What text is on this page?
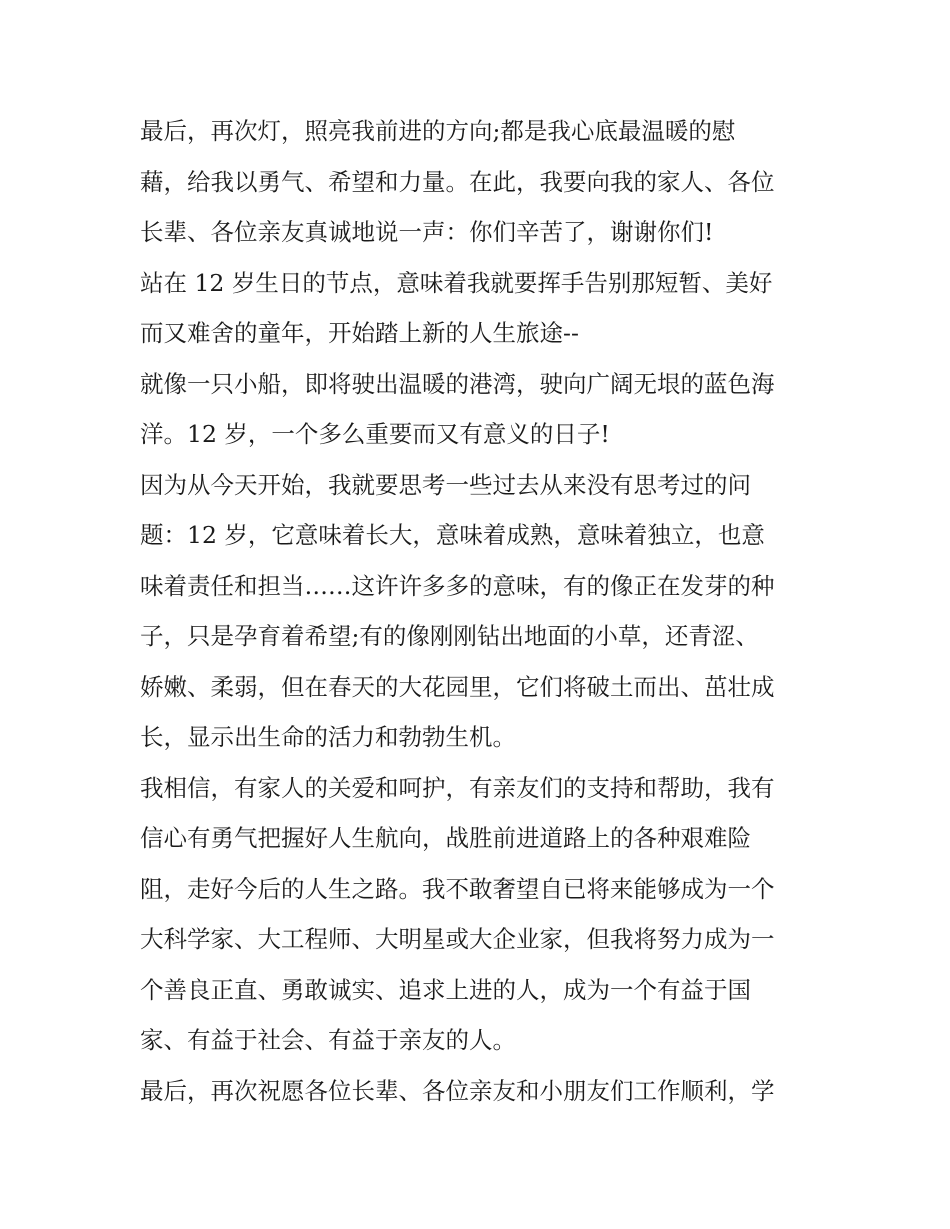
最后，再次灯，照亮我前进的方向;都是我心底最温暖的慰
藉，给我以勇气、希望和力量。在此，我要向我的家人、各位
长辈、各位亲友真诚地说一声：你们辛苦了，谢谢你们!
站在 12 岁生日的节点，意味着我就要挥手告别那短暂、美好
而又难舍的童年，开始踏上新的人生旅途--
就像一只小船，即将驶出温暖的港湾，驶向广阔无垠的蓝色海
洋。12 岁，一个多么重要而又有意义的日子!
因为从今天开始，我就要思考一些过去从来没有思考过的问
题：12 岁，它意味着长大，意味着成熟，意味着独立，也意
味着责任和担当……这许许多多的意味，有的像正在发芽的种
子，只是孕育着希望;有的像刚刚钻出地面的小草，还青涩、
娇嫩、柔弱，但在春天的大花园里，它们将破土而出、茁壮成
长，显示出生命的活力和勃勃生机。
我相信，有家人的关爱和呵护，有亲友们的支持和帮助，我有
信心有勇气把握好人生航向，战胜前进道路上的各种艰难险
阻，走好今后的人生之路。我不敢奢望自已将来能够成为一个
大科学家、大工程师、大明星或大企业家，但我将努力成为一
个善良正直、勇敢诚实、追求上进的人，成为一个有益于国
家、有益于社会、有益于亲友的人。
最后，再次祝愿各位长辈、各位亲友和小朋友们工作顺利，学
